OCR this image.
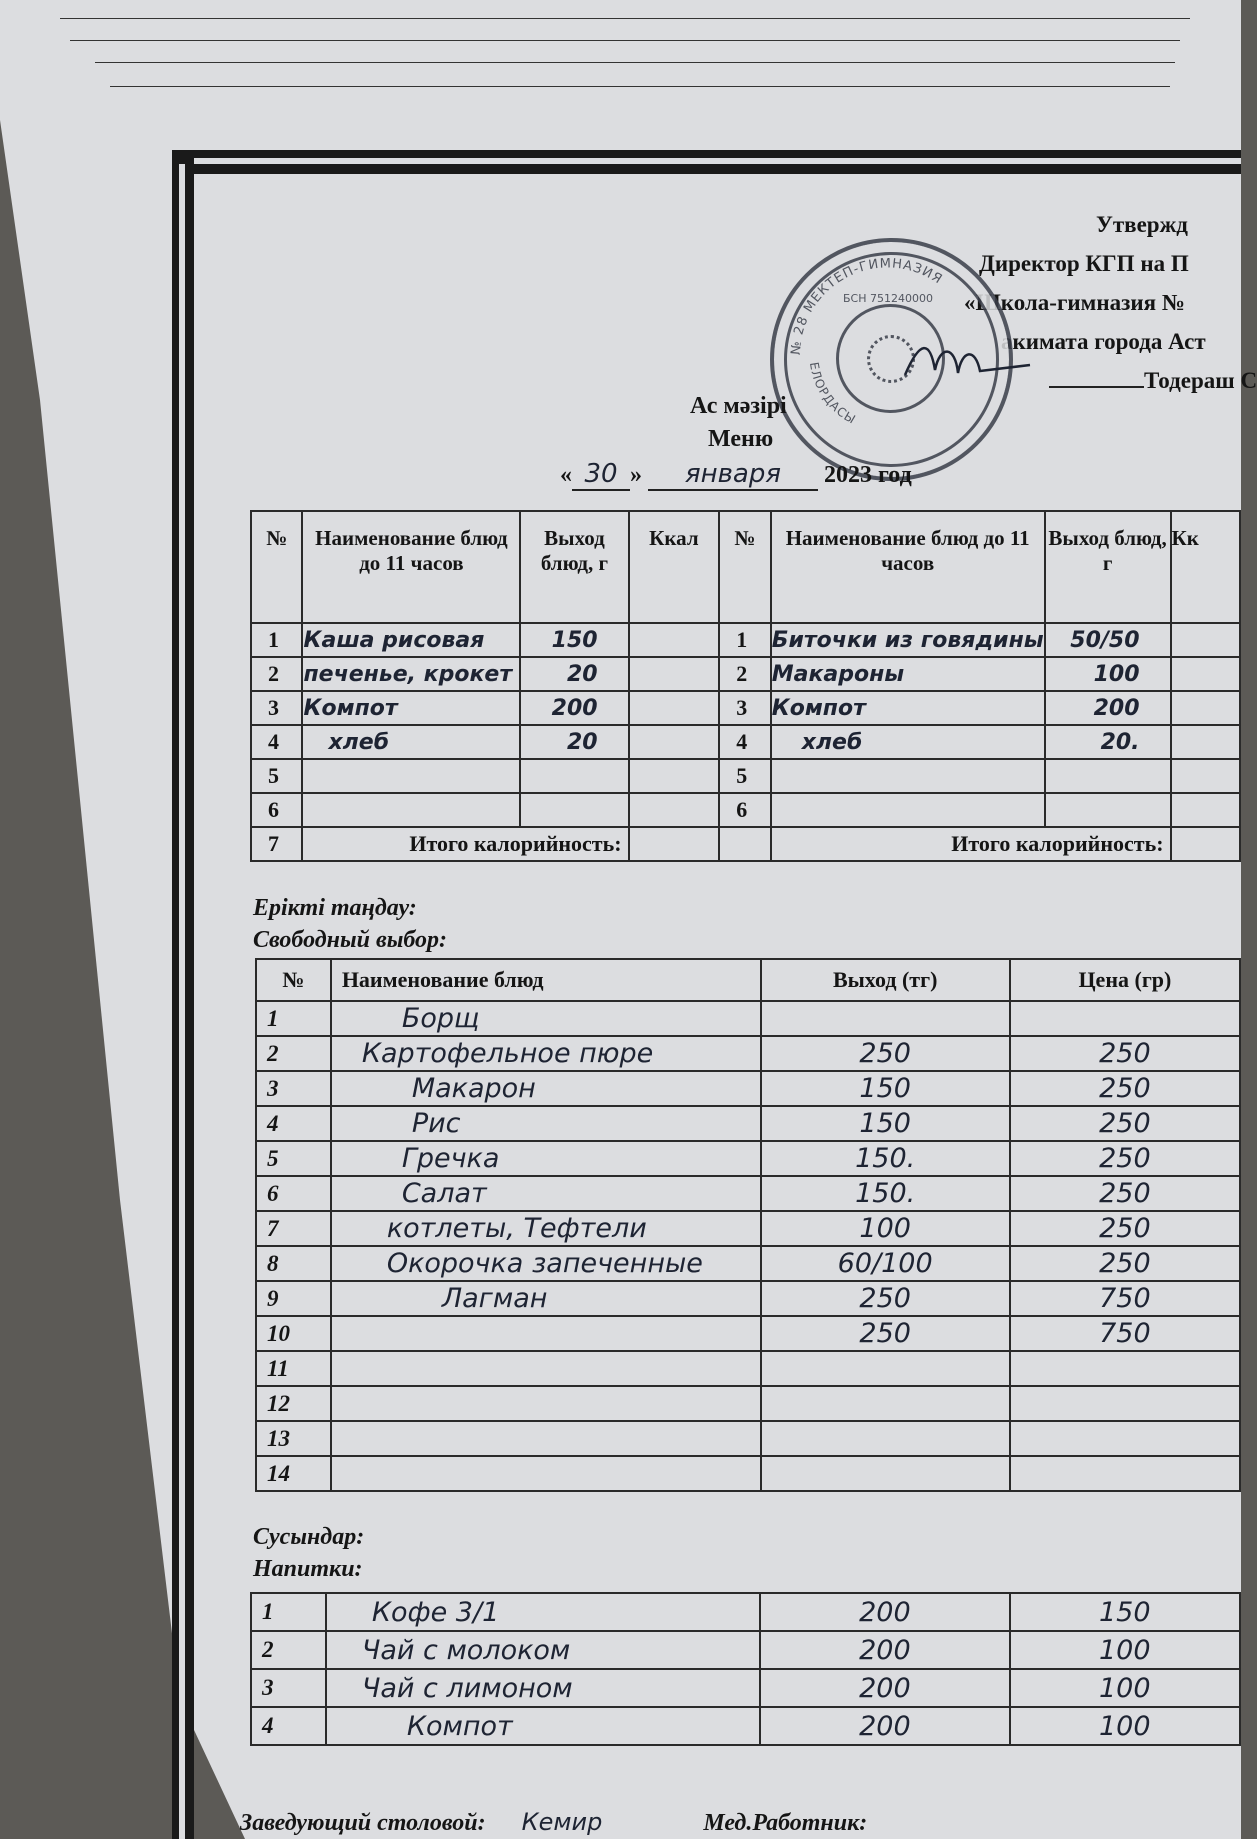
Утвержд
Директор КГП на П
«Школа-гимназия №
акимата города Аст
Тодераш С
№ 28 МЕКТЕП-ГИМНАЗИЯ
ЕЛОРДАСЫ
БСН 751240000
Ас мәзірі
Меню
« 30 » января 2023 год
№	Наименование блюд до 11 часов	Выход блюд, г	Ккал	№	Наименование блюд до 11 часов	Выход блюд, г	Кк
1	Каша рисовая	150		1	Биточки из говядины	50/50	
2	печенье, крокет	20		2	Макароны	100	
3	Компот	200		3	Компот	200	
4	хлеб	20		4	хлеб	20.	
5				5			
6				6			
7	Итого калорийность:				Итого калорийность:		
Ерікті таңдау:
Свободный выбор:
№	Наименование блюд	Выход (тг)	Цена (гр)
1	Борщ		
2	Картофельное пюре	250	250
3	Макарон	150	250
4	Рис	150	250
5	Гречка	150.	250
6	Салат	150.	250
7	котлеты, Тефтели	100	250
8	Окорочка запеченные	60/100	250
9	Лагман	250	750
10		250	750
11			
12			
13			
14			
Сусындар:
Напитки:
1	Кофе 3/1	200	150
2	Чай с молоком	200	100
3	Чай с лимоном	200	100
4	Компот	200	100
Заведующий столовой: Кемир	Мед.Работник:
